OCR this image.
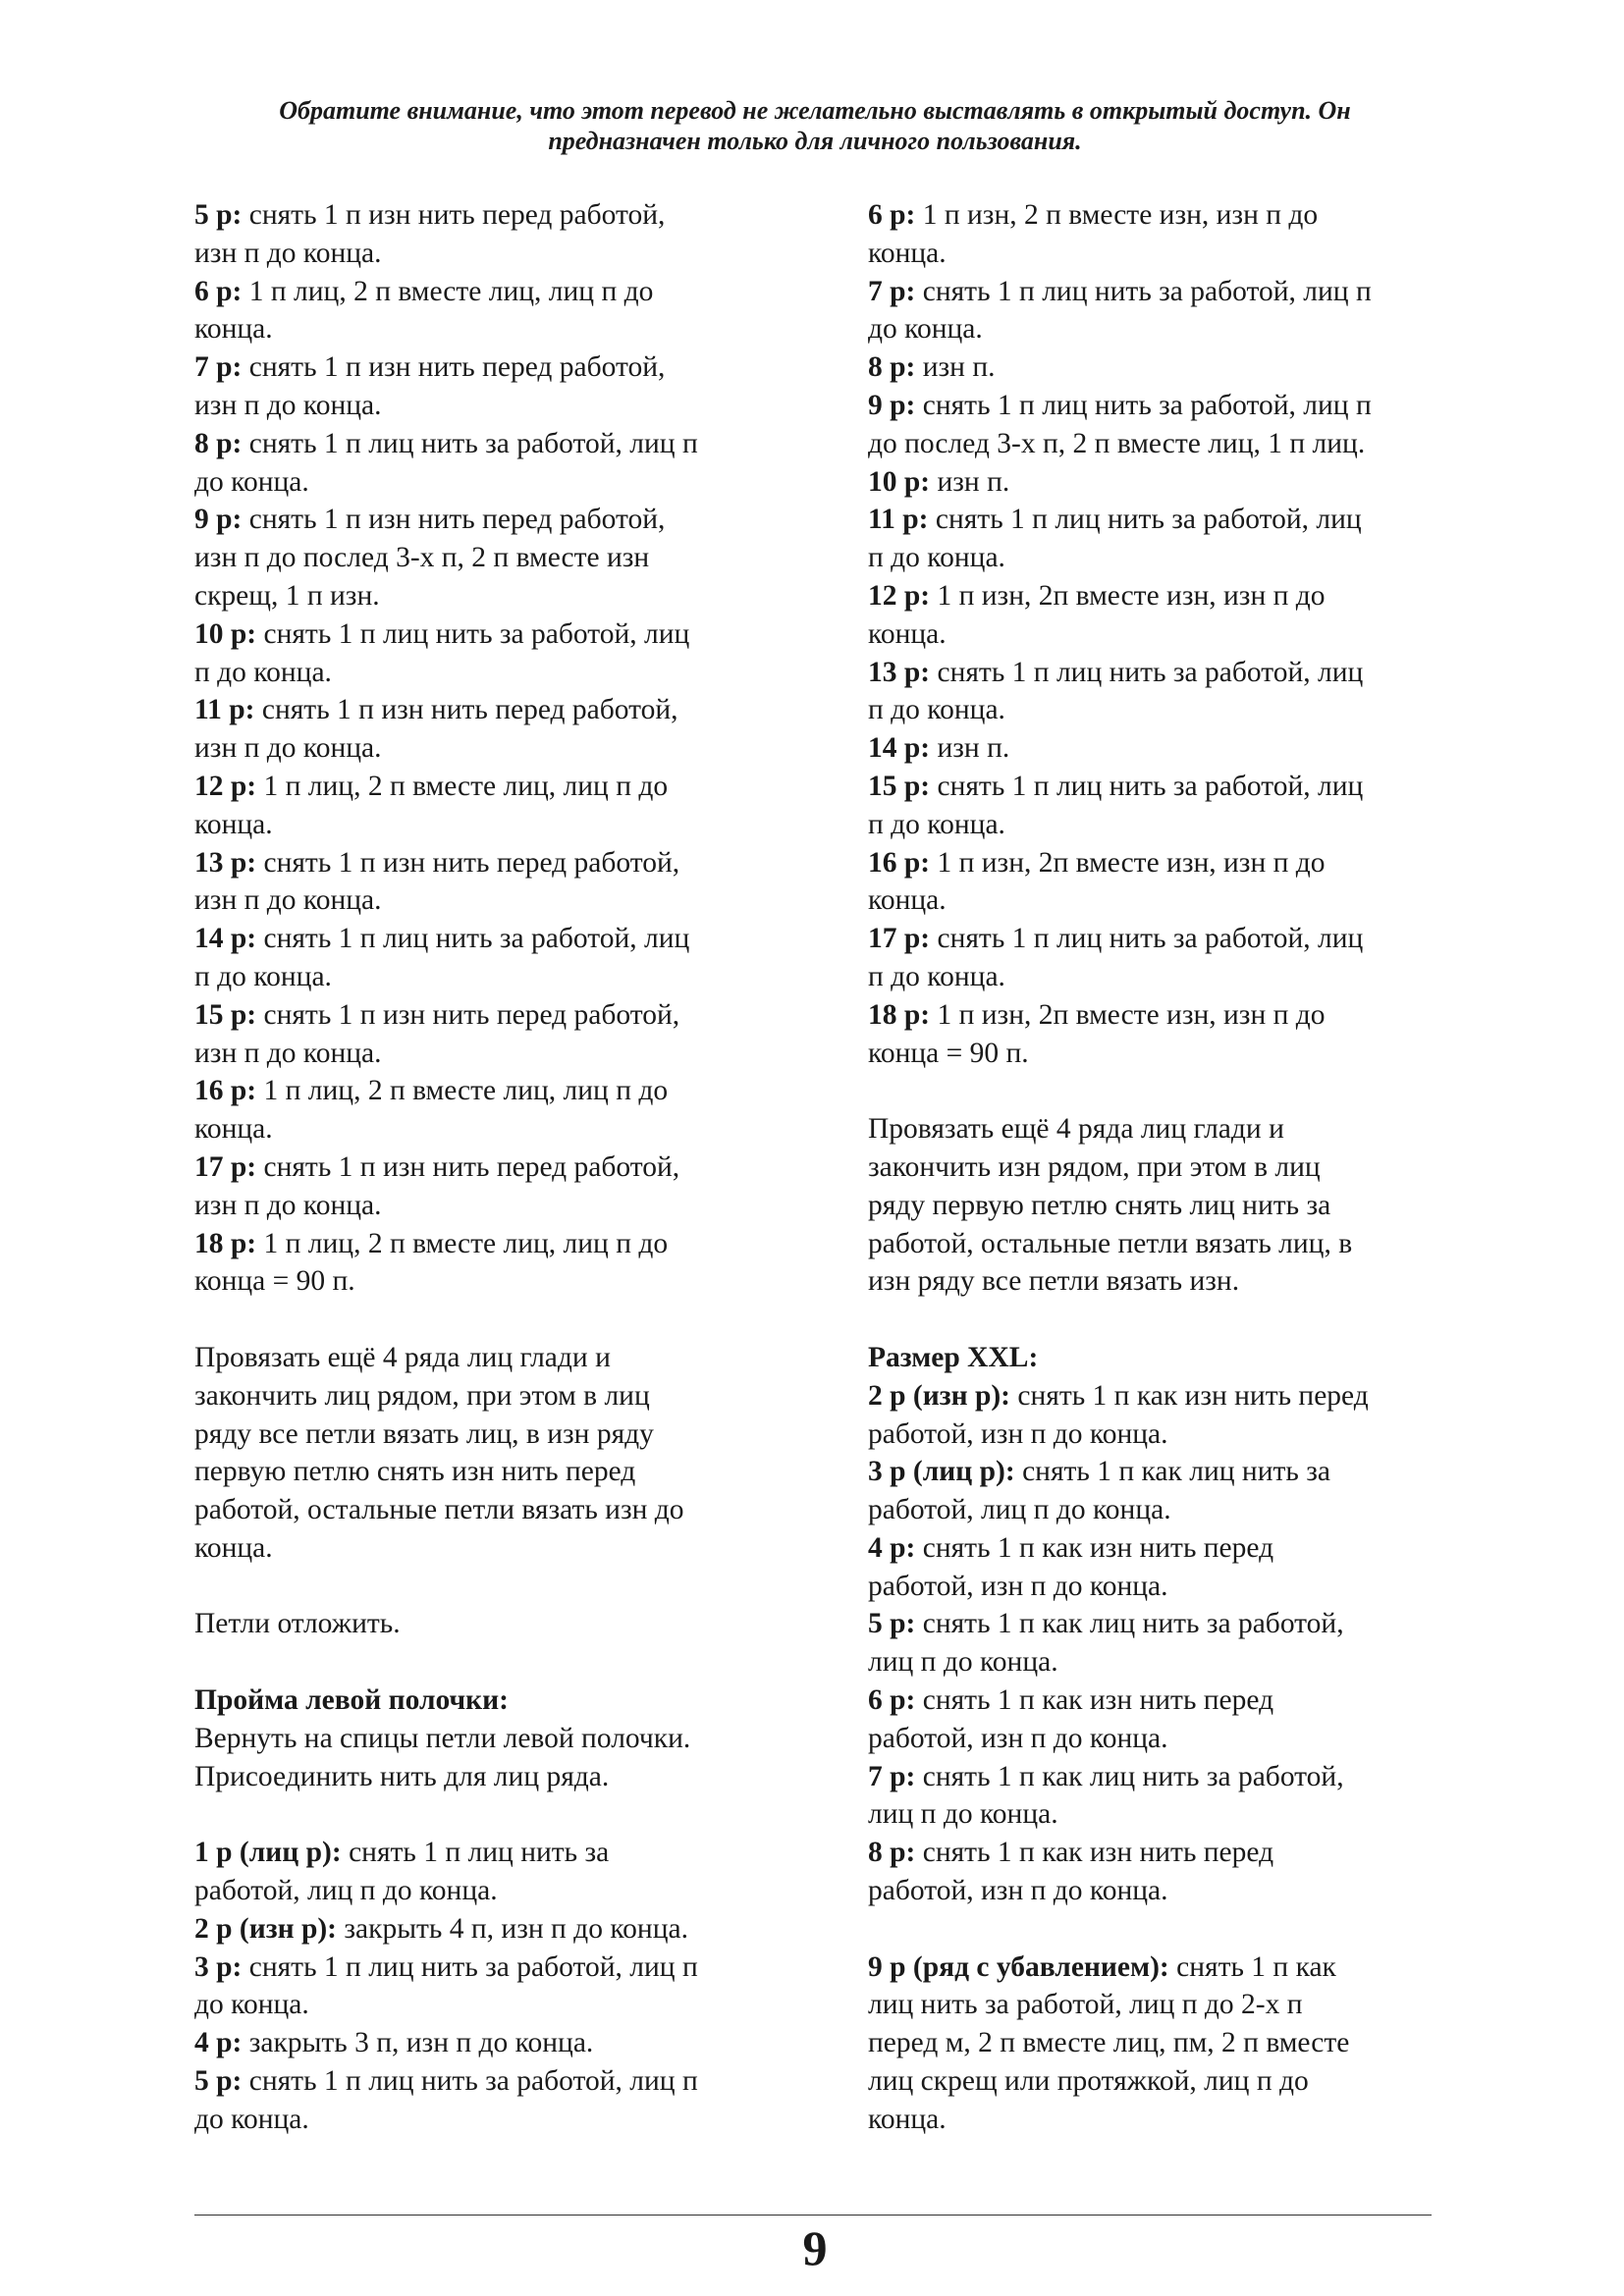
Обратите внимание, что этот перевод не желательно выставлять в открытый доступ. Он
предназначен только для личного пользования.
5 р: снять 1 п изн нить перед работой,
изн п до конца.
6 р: 1 п лиц, 2 п вместе лиц, лиц п до
конца.
7 р: снять 1 п изн нить перед работой,
изн п до конца.
8 р: снять 1 п лиц нить за работой, лиц п
до конца.
9 р: снять 1 п изн нить перед работой,
изн п до послед 3-х п, 2 п вместе изн
скрещ, 1 п изн.
10 р: снять 1 п лиц нить за работой, лиц
п до конца.
11 р: снять 1 п изн нить перед работой,
изн п до конца.
12 р: 1 п лиц, 2 п вместе лиц, лиц п до
конца.
13 р: снять 1 п изн нить перед работой,
изн п до конца.
14 р: снять 1 п лиц нить за работой, лиц
п до конца.
15 р: снять 1 п изн нить перед работой,
изн п до конца.
16 р: 1 п лиц, 2 п вместе лиц, лиц п до
конца.
17 р: снять 1 п изн нить перед работой,
изн п до конца.
18 р: 1 п лиц, 2 п вместе лиц, лиц п до
конца = 90 п.
Провязать ещё 4 ряда лиц глади и
закончить лиц рядом, при этом в лиц
ряду все петли вязать лиц, в изн ряду
первую петлю снять изн нить перед
работой, остальные петли вязать изн до
конца.
Петли отложить.
Пройма левой полочки:
Вернуть на спицы петли левой полочки.
Присоединить нить для лиц ряда.
1 р (лиц р): снять 1 п лиц нить за
работой, лиц п до конца.
2 р (изн р): закрыть 4 п, изн п до конца.
3 р: снять 1 п лиц нить за работой, лиц п
до конца.
4 р: закрыть 3 п, изн п до конца.
5 р: снять 1 п лиц нить за работой, лиц п
до конца.
6 р: 1 п изн, 2 п вместе изн, изн п до
конца.
7 р: снять 1 п лиц нить за работой, лиц п
до конца.
8 р: изн п.
9 р: снять 1 п лиц нить за работой, лиц п
до послед 3-х п, 2 п вместе лиц, 1 п лиц.
10 р: изн п.
11 р: снять 1 п лиц нить за работой, лиц
п до конца.
12 р: 1 п изн, 2п вместе изн, изн п до
конца.
13 р: снять 1 п лиц нить за работой, лиц
п до конца.
14 р: изн п.
15 р: снять 1 п лиц нить за работой, лиц
п до конца.
16 р: 1 п изн, 2п вместе изн, изн п до
конца.
17 р: снять 1 п лиц нить за работой, лиц
п до конца.
18 р: 1 п изн, 2п вместе изн, изн п до
конца = 90 п.
Провязать ещё 4 ряда лиц глади и
закончить изн рядом, при этом в лиц
ряду первую петлю снять лиц нить за
работой, остальные петли вязать лиц, в
изн ряду все петли вязать изн.
Размер XXL:
2 р (изн р): снять 1 п как изн нить перед
работой, изн п до конца.
3 р (лиц р): снять 1 п как лиц нить за
работой, лиц п до конца.
4 р: снять 1 п как изн нить перед
работой, изн п до конца.
5 р: снять 1 п как лиц нить за работой,
лиц п до конца.
6 р: снять 1 п как изн нить перед
работой, изн п до конца.
7 р: снять 1 п как лиц нить за работой,
лиц п до конца.
8 р: снять 1 п как изн нить перед
работой, изн п до конца.
9 р (ряд с убавлением): снять 1 п как
лиц нить за работой, лиц п до 2-х п
перед м, 2 п вместе лиц, пм, 2 п вместе
лиц скрещ или протяжкой, лиц п до
конца.
9
